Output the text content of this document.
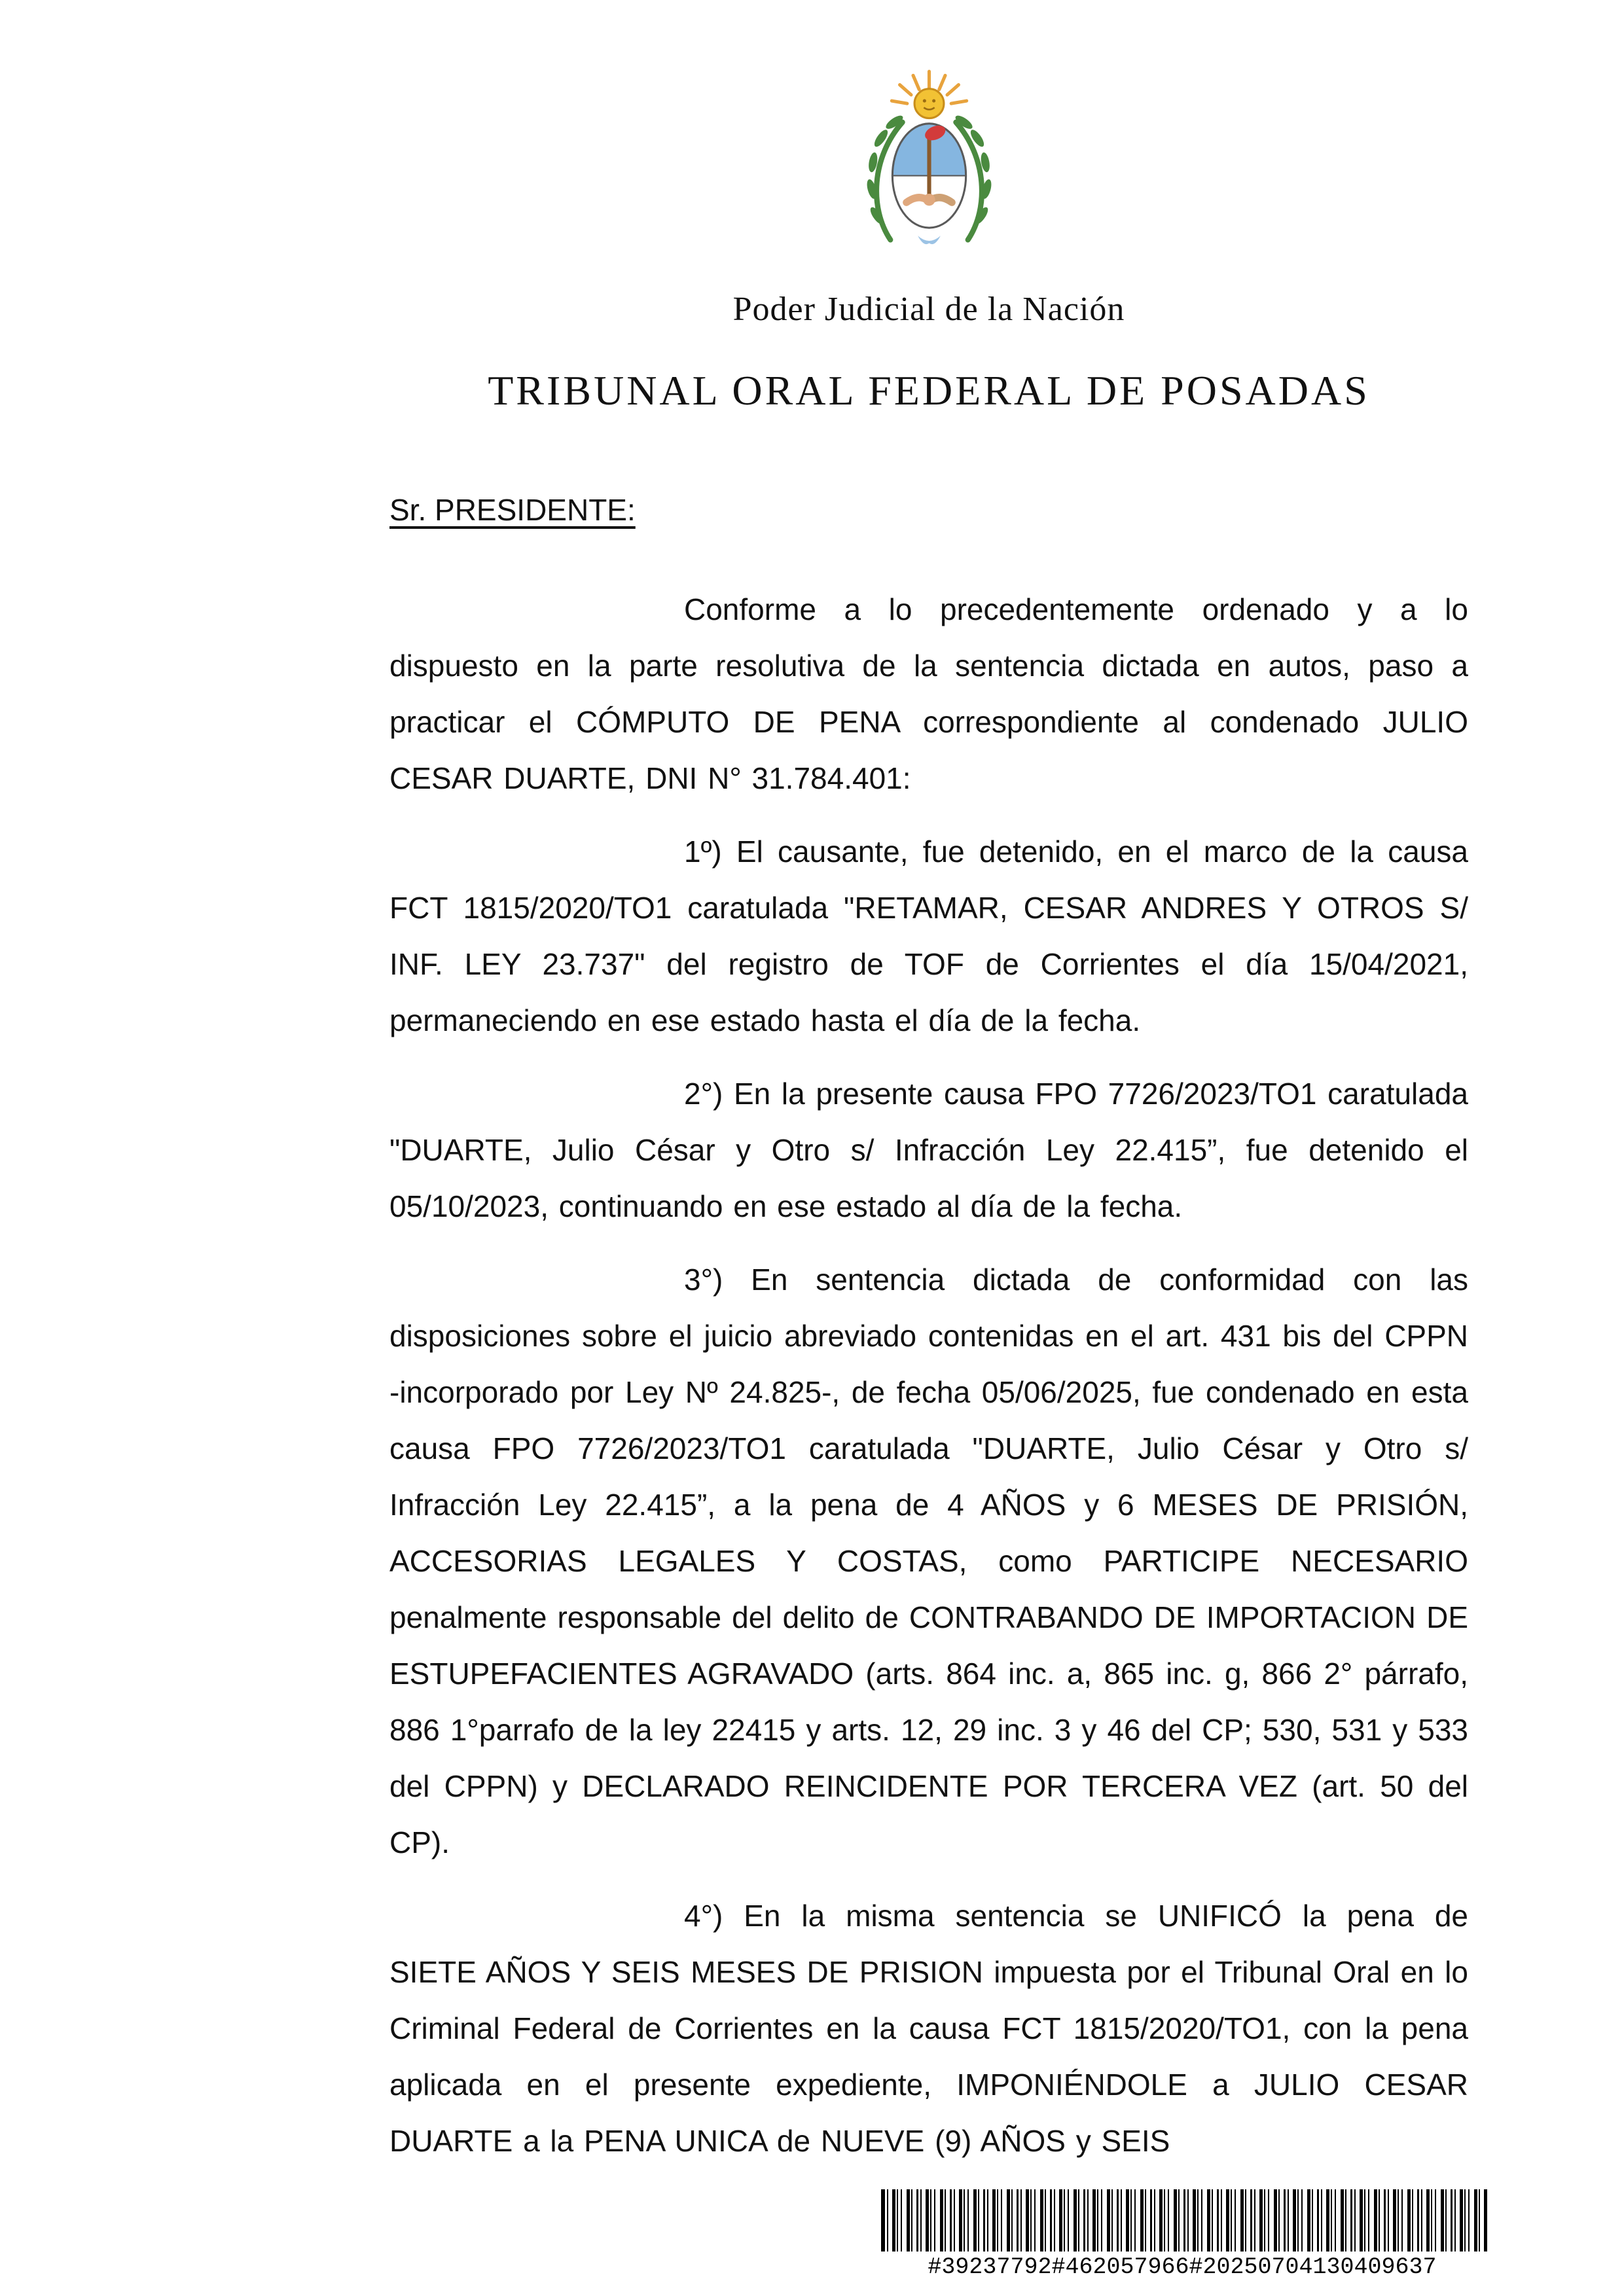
Poder Judicial de la Nación
TRIBUNAL ORAL FEDERAL DE POSADAS
Sr. PRESIDENTE:

Conforme a lo precedentemente ordenado y a lo dispuesto en la parte resolutiva de la sentencia dictada en autos, paso a practicar el CÓMPUTO DE PENA correspondiente al condenado JULIO CESAR DUARTE, DNI N° 31.784.401:

1º) El causante, fue detenido, en el marco de la causa FCT 1815/2020/TO1 caratulada "RETAMAR, CESAR ANDRES Y OTROS S/ INF. LEY 23.737" del registro de TOF de Corrientes el día 15/04/2021, permaneciendo en ese estado hasta el día de la fecha.

2°) En la presente causa FPO 7726/2023/TO1 caratulada "DUARTE, Julio César y Otro s/ Infracción Ley 22.415”, fue detenido el 05/10/2023, continuando en ese estado al día de la fecha.

3°) En sentencia dictada de conformidad con las disposiciones sobre el juicio abreviado contenidas en el art. 431 bis del CPPN -incorporado por Ley Nº 24.825-, de fecha 05/06/2025, fue condenado en esta causa FPO 7726/2023/TO1 caratulada "DUARTE, Julio César y Otro s/ Infracción Ley 22.415”, a la pena de 4 AÑOS y 6 MESES DE PRISIÓN, ACCESORIAS LEGALES Y COSTAS, como PARTICIPE NECESARIO penalmente responsable del delito de CONTRABANDO DE IMPORTACION DE ESTUPEFACIENTES AGRAVADO (arts. 864 inc. a, 865 inc. g, 866 2° párrafo, 886 1°parrafo de la ley 22415 y arts. 12, 29 inc. 3 y 46 del CP; 530, 531 y 533 del CPPN) y DECLARADO REINCIDENTE POR TERCERA VEZ (art. 50 del CP).

4°) En la misma sentencia se UNIFICÓ la pena de SIETE AÑOS Y SEIS MESES DE PRISION impuesta por el Tribunal Oral en lo Criminal Federal de Corrientes en la causa FCT 1815/2020/TO1, con la pena aplicada en el presente expediente, IMPONIÉNDOLE a JULIO CESAR DUARTE a la PENA UNICA de NUEVE (9) AÑOS y SEIS

#39237792#462057966#20250704130409637
